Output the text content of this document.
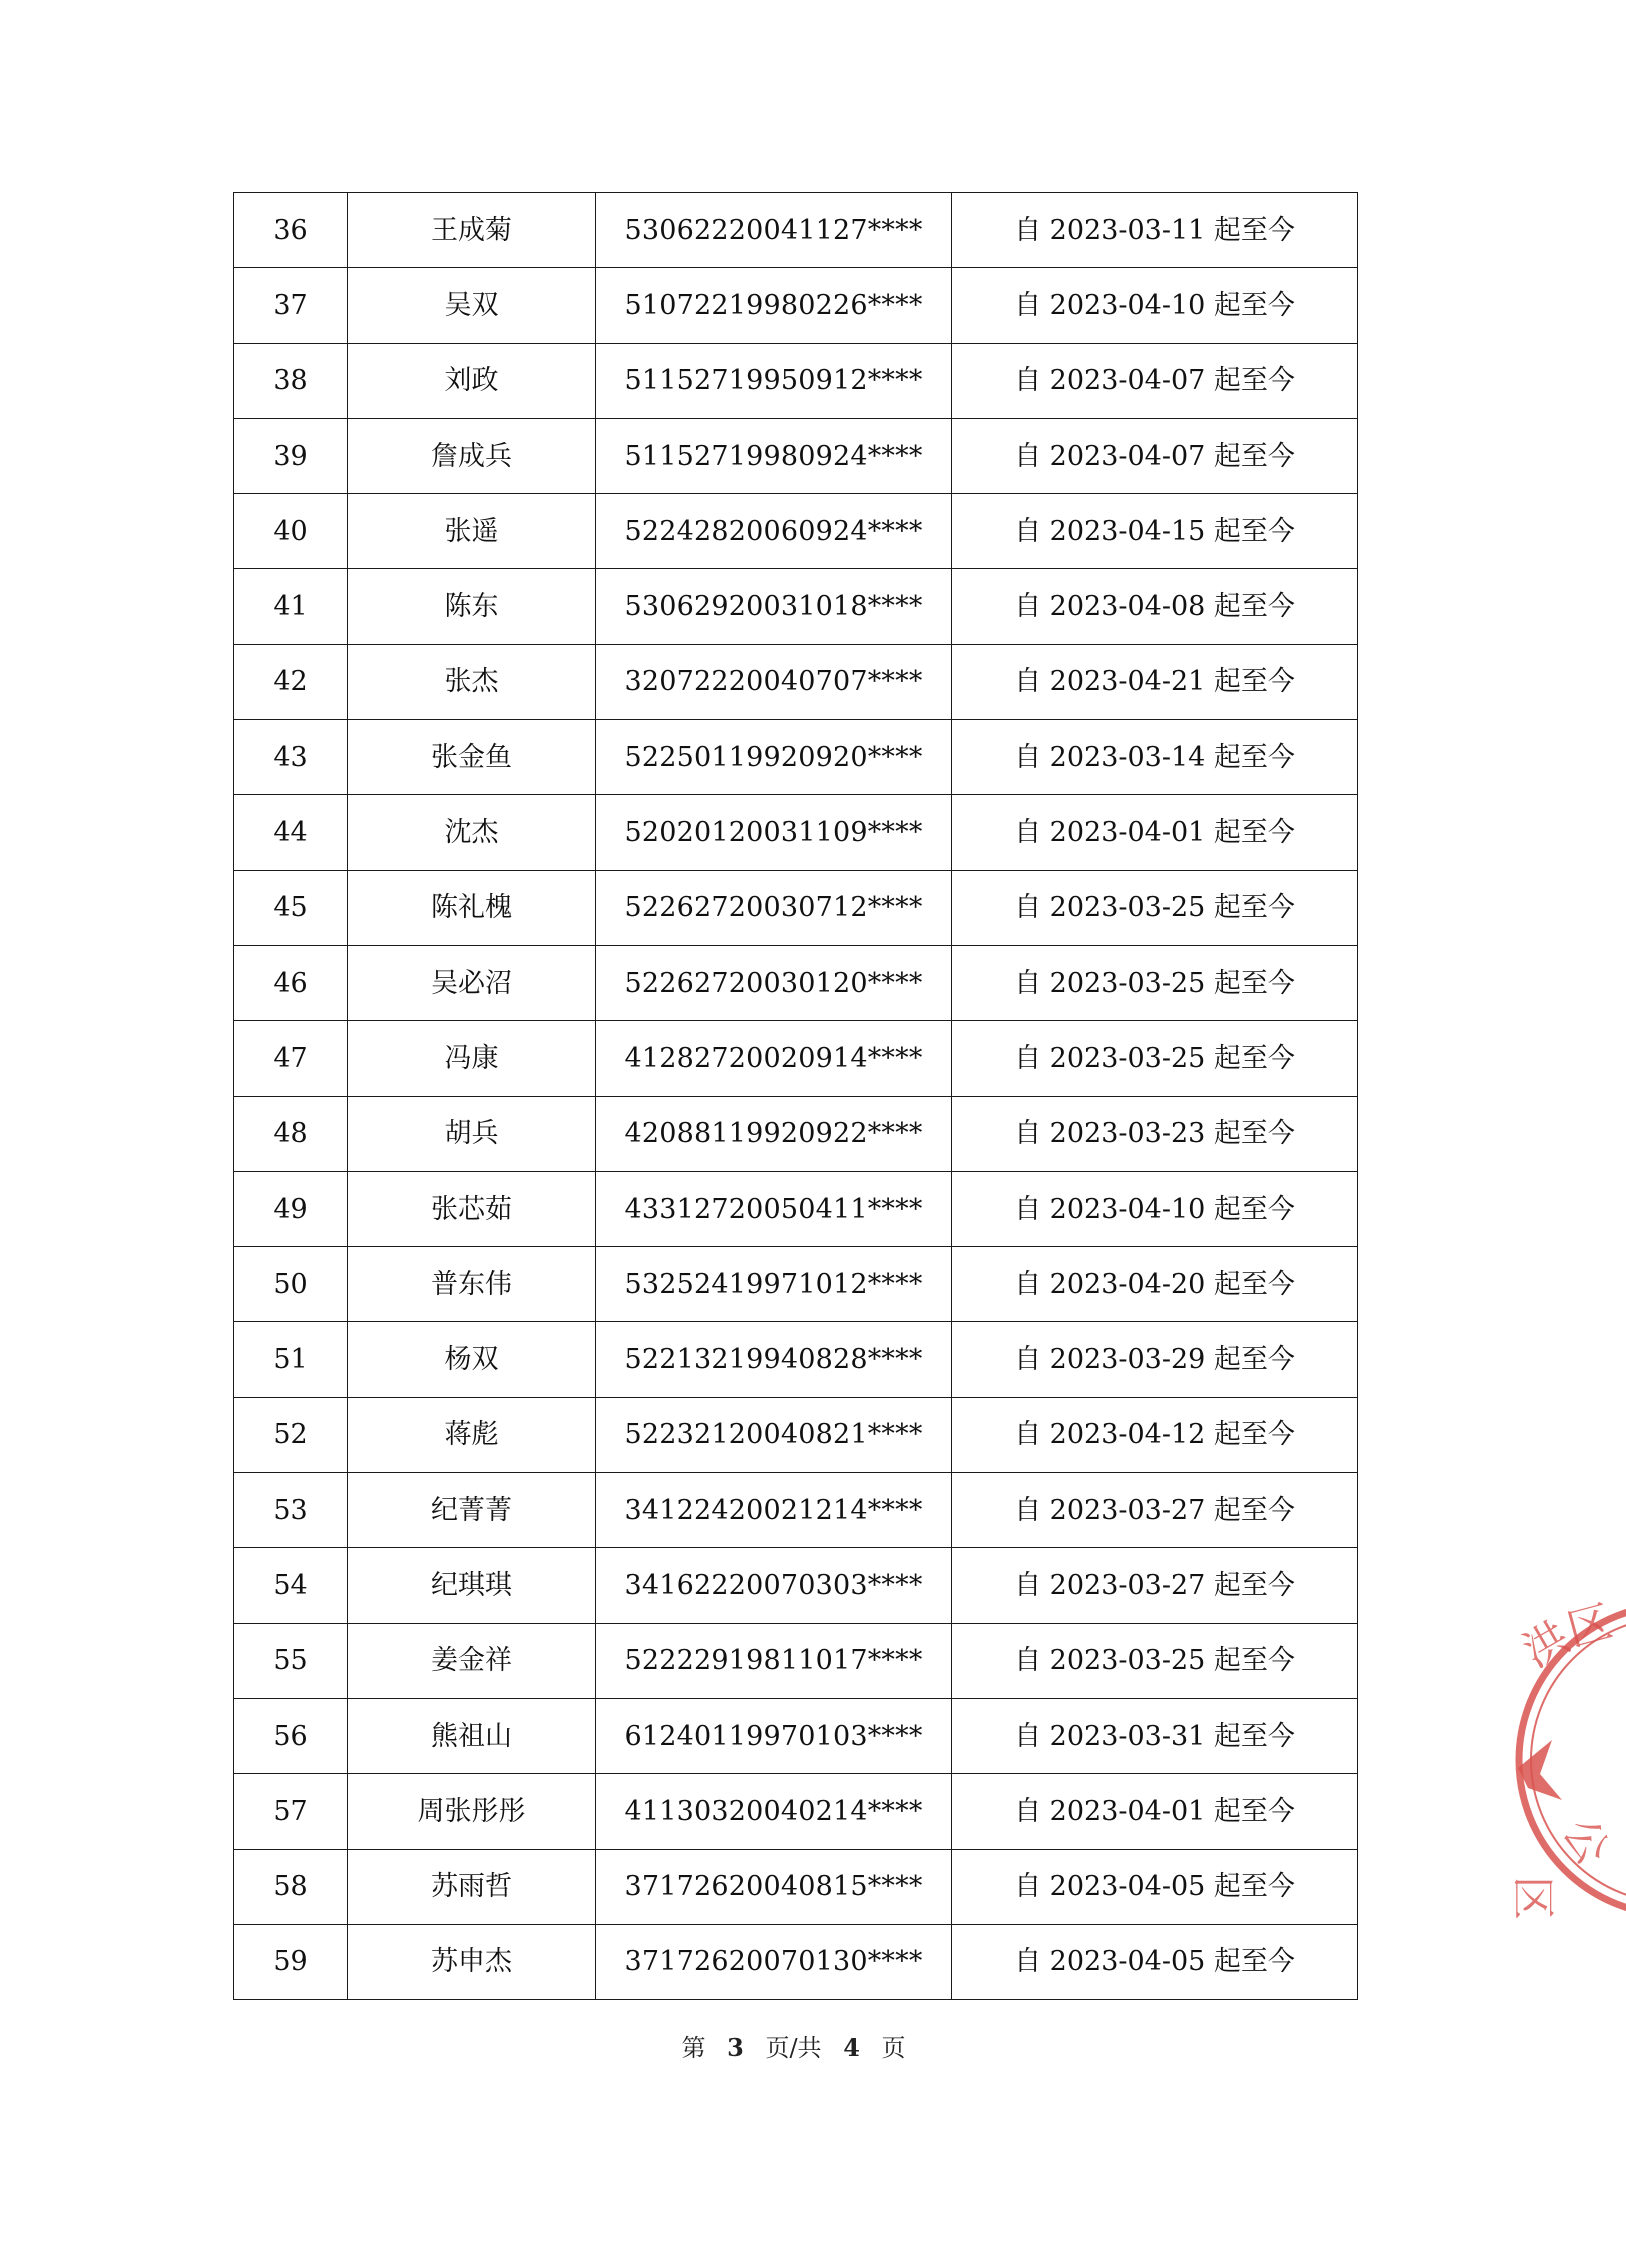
36	王成菊	53062220041127****	自 2023-03-11 起至今
37	吴双	51072219980226****	自 2023-04-10 起至今
38	刘政	51152719950912****	自 2023-04-07 起至今
39	詹成兵	51152719980924****	自 2023-04-07 起至今
40	张遥	52242820060924****	自 2023-04-15 起至今
41	陈东	53062920031018****	自 2023-04-08 起至今
42	张杰	32072220040707****	自 2023-04-21 起至今
43	张金鱼	52250119920920****	自 2023-03-14 起至今
44	沈杰	52020120031109****	自 2023-04-01 起至今
45	陈礼槐	52262720030712****	自 2023-03-25 起至今
46	吴必沼	52262720030120****	自 2023-03-25 起至今
47	冯康	41282720020914****	自 2023-03-25 起至今
48	胡兵	42088119920922****	自 2023-03-23 起至今
49	张芯茹	43312720050411****	自 2023-04-10 起至今
50	普东伟	53252419971012****	自 2023-04-20 起至今
51	杨双	52213219940828****	自 2023-03-29 起至今
52	蒋彪	52232120040821****	自 2023-04-12 起至今
53	纪菁菁	34122420021214****	自 2023-03-27 起至今
54	纪琪琪	34162220070303****	自 2023-03-27 起至今
55	姜金祥	52222919811017****	自 2023-03-25 起至今
56	熊祖山	61240119970103****	自 2023-03-31 起至今
57	周张彤彤	41130320040214****	自 2023-04-01 起至今
58	苏雨哲	37172620040815****	自 2023-04-05 起至今
59	苏申杰	37172620070130****	自 2023-04-05 起至今
第 3 页/共 4 页
洪
区
公
区
